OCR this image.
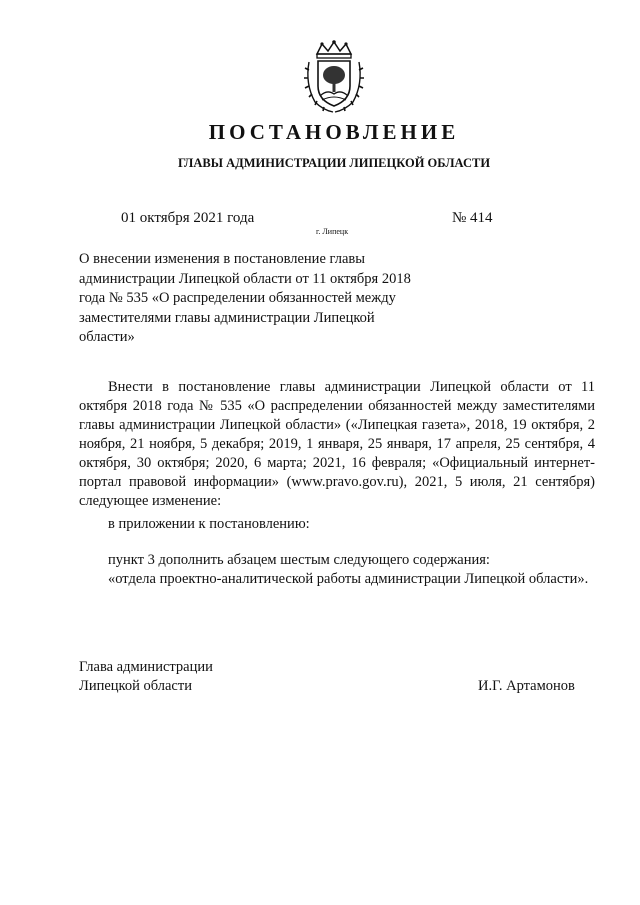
ПОСТАНОВЛЕНИЕ
ГЛАВЫ АДМИНИСТРАЦИИ ЛИПЕЦКОЙ ОБЛАСТИ
01 октября 2021 года
г. Липецк
№ 414
О внесении изменения в постановление главы
администрации Липецкой области от 11 октября 2018
года № 535 «О распределении обязанностей между
заместителями главы администрации Липецкой
области»

Внести в постановление главы администрации Липецкой области от 11 октября 2018 года № 535 «О распределении обязанностей между заместителями главы администрации Липецкой области» («Липецкая газета», 2018, 19 октября, 2 ноября, 21 ноября, 5 декабря; 2019, 1 января, 25 января, 17 апреля, 25 сентября, 4 октября, 30 октября; 2020, 6 марта; 2021, 16 февраля; «Официальный интернет-портал правовой информации» (www.pravo.gov.ru), 2021, 5 июля, 21 сентября) следующее изменение:

в приложении к постановлению:

пункт 3 дополнить абзацем шестым следующего содержания:

«отдела проектно-аналитической работы администрации Липецкой области».

Глава администрации
Липецкой области	И.Г. Артамонов
